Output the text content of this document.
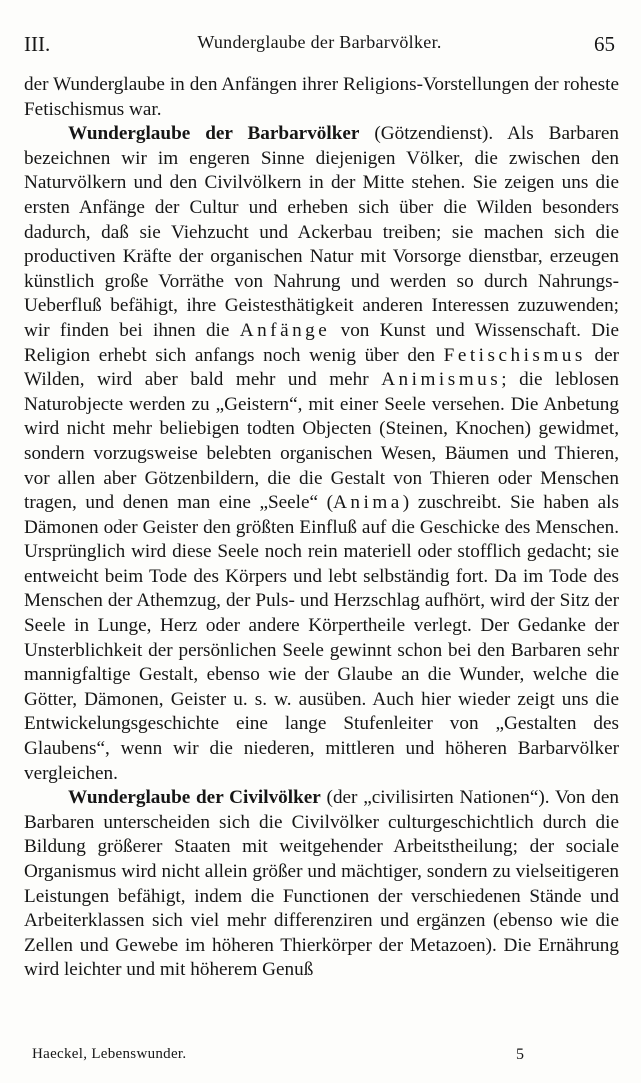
III.	Wunderglaube der Barbarvölker.	65

der Wunderglaube in den Anfängen ihrer Religions-Vorstellungen der roheste Fetischismus war.

Wunderglaube der Barbarvölker (Götzendienst). Als Barbaren bezeichnen wir im engeren Sinne diejenigen Völker, die zwischen den Naturvölkern und den Civilvölkern in der Mitte stehen. Sie zeigen uns die ersten Anfänge der Cultur und erheben sich über die Wilden besonders dadurch, daß sie Viehzucht und Ackerbau treiben; sie machen sich die productiven Kräfte der organischen Natur mit Vorsorge dienstbar, erzeugen künstlich große Vorräthe von Nahrung und werden so durch Nahrungs-Ueberfluß befähigt, ihre Geistesthätigkeit anderen Interessen zuzuwenden; wir finden bei ihnen die Anfänge von Kunst und Wissenschaft. Die Religion erhebt sich anfangs noch wenig über den Fetischismus der Wilden, wird aber bald mehr und mehr Animismus; die leblosen Naturobjecte werden zu „Geistern“, mit einer Seele versehen. Die Anbetung wird nicht mehr beliebigen todten Objecten (Steinen, Knochen) gewidmet, sondern vorzugsweise belebten organischen Wesen, Bäumen und Thieren, vor allen aber Götzenbildern, die die Gestalt von Thieren oder Menschen tragen, und denen man eine „Seele“ (Anima) zuschreibt. Sie haben als Dämonen oder Geister den größten Einfluß auf die Geschicke des Menschen. Ursprünglich wird diese Seele noch rein materiell oder stofflich gedacht; sie entweicht beim Tode des Körpers und lebt selbständig fort. Da im Tode des Menschen der Athemzug, der Puls- und Herzschlag aufhört, wird der Sitz der Seele in Lunge, Herz oder andere Körpertheile verlegt. Der Gedanke der Unsterblichkeit der persönlichen Seele gewinnt schon bei den Barbaren sehr mannigfaltige Gestalt, ebenso wie der Glaube an die Wunder, welche die Götter, Dämonen, Geister u. s. w. ausüben. Auch hier wieder zeigt uns die Entwickelungsgeschichte eine lange Stufenleiter von „Gestalten des Glaubens“, wenn wir die niederen, mittleren und höheren Barbarvölker vergleichen.

Wunderglaube der Civilvölker (der „civilisirten Nationen“). Von den Barbaren unterscheiden sich die Civilvölker culturgeschichtlich durch die Bildung größerer Staaten mit weitgehender Arbeitstheilung; der sociale Organismus wird nicht allein größer und mächtiger, sondern zu vielseitigeren Leistungen befähigt, indem die Functionen der verschiedenen Stände und Arbeiterklassen sich viel mehr differenziren und ergänzen (ebenso wie die Zellen und Gewebe im höheren Thierkörper der Metazoen). Die Ernährung wird leichter und mit höherem Genuß

Haeckel, Lebenswunder.	5
